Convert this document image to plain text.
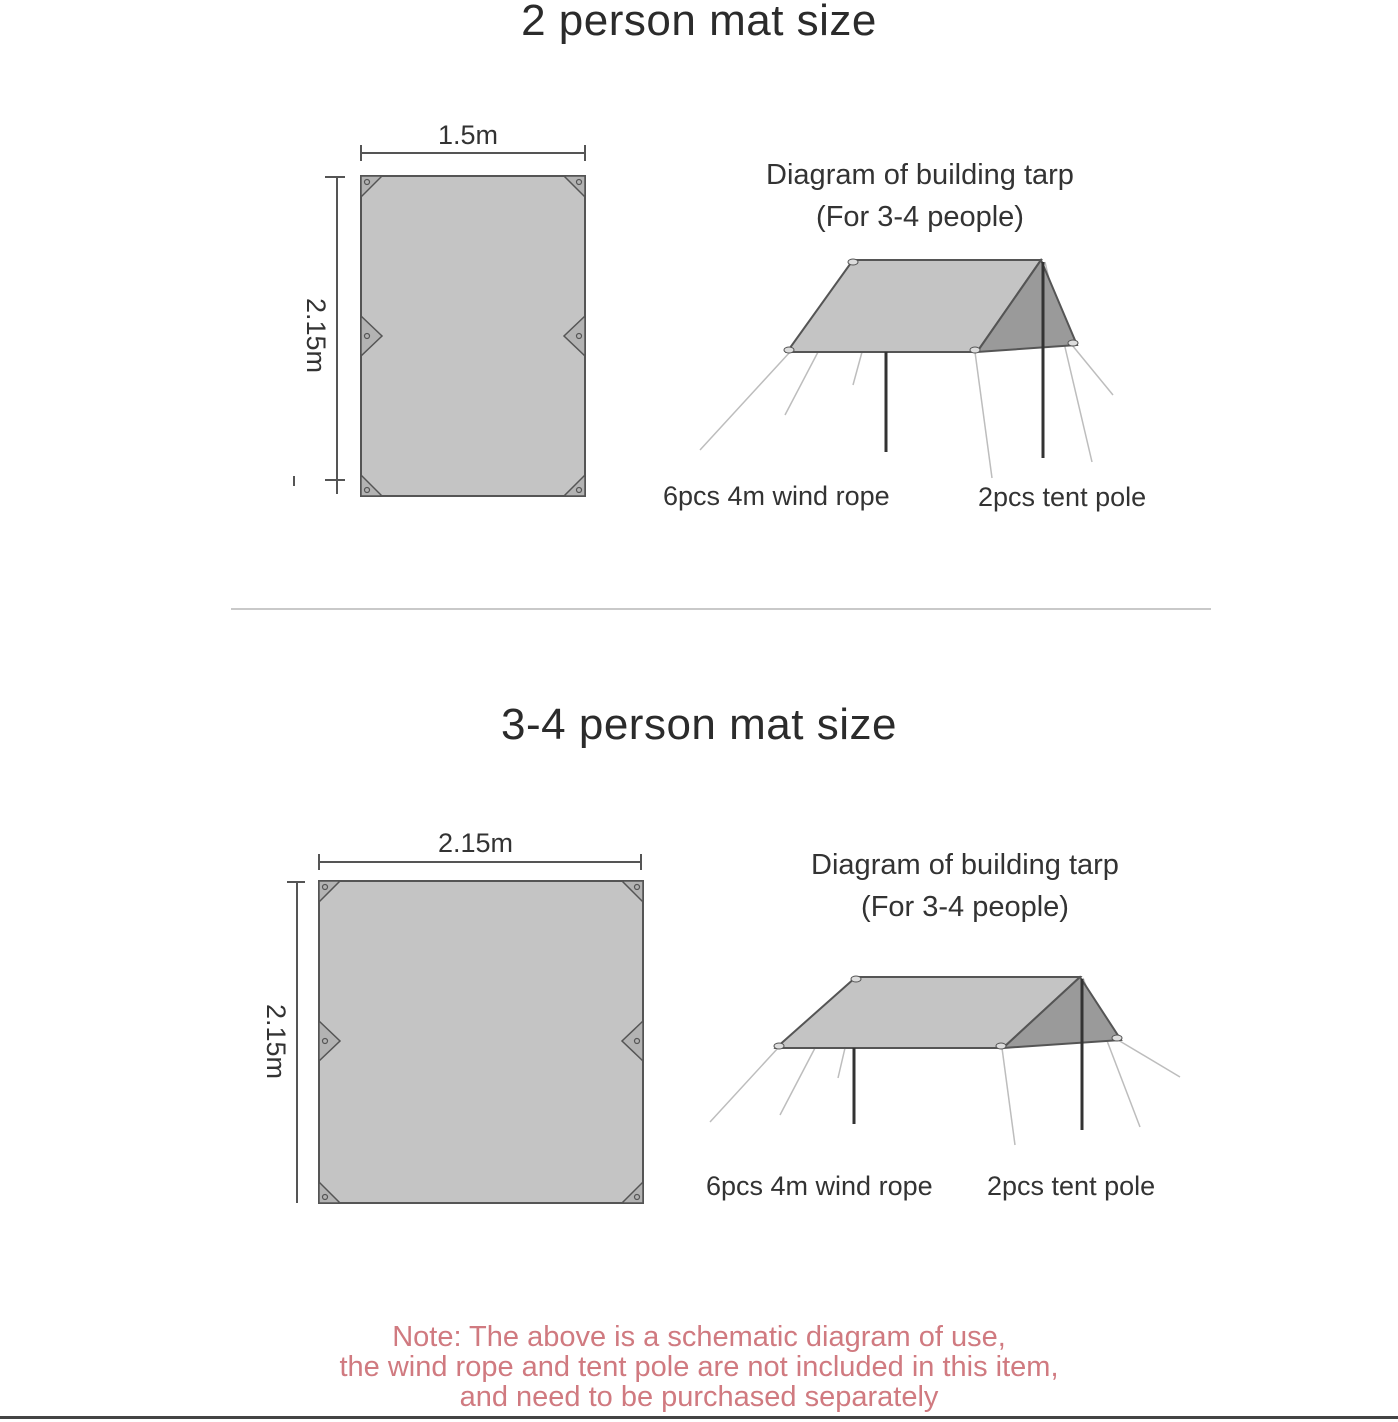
2 person mat size
1.5m
2.15m
Diagram of building tarp
(For 3-4 people)
6pcs 4m wind rope	2pcs tent pole
3-4 person mat size
2.15m
2.15m
Diagram of building tarp
(For 3-4 people)
6pcs 4m wind rope 2pcs tent pole
Note: The above is a schematic diagram of use,
the wind rope and tent pole are not included in this item,
and need to be purchased separately
